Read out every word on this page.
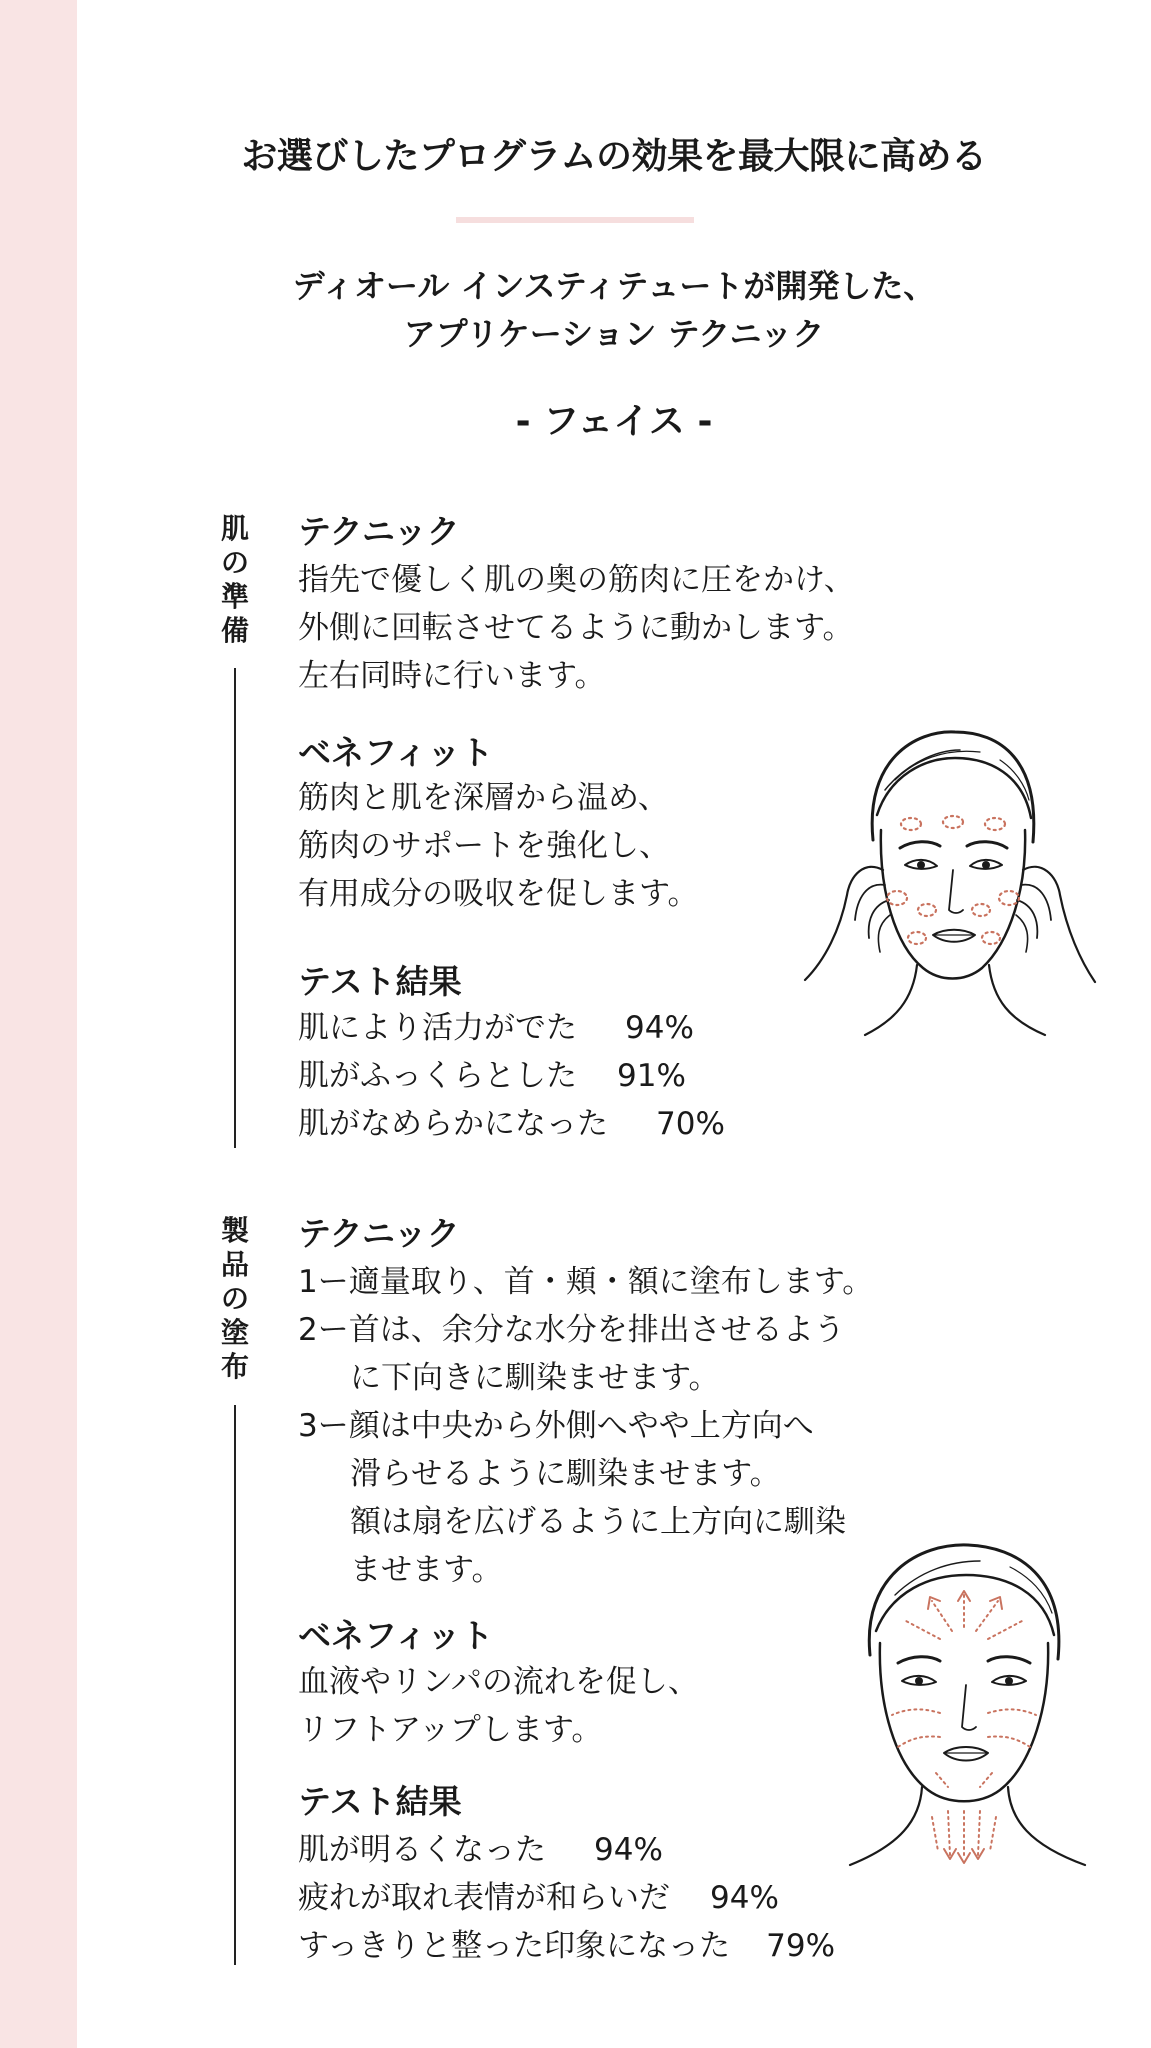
お選びしたプログラムの効果を最大限に高める
ディオール インスティテュートが開発した、
アプリケーション テクニック
- フェイス -
肌の準備
テクニック
指先で優しく肌の奥の筋肉に圧をかけ、
外側に回転させてるように動かします。
左右同時に行います。
ベネフィット
筋肉と肌を深層から温め、
筋肉のサポートを強化し、
有用成分の吸収を促します。
テスト結果
肌により活力がでた 94%
肌がふっくらとした 91%
肌がなめらかになった 70%
製品の塗布
テクニック
1ー適量取り、首・頬・額に塗布します。
2ー首は、余分な水分を排出させるよう
に下向きに馴染ませます。
3ー顔は中央から外側へやや上方向へ
滑らせるように馴染ませます。
額は扇を広げるように上方向に馴染
ませます。
ベネフィット
血液やリンパの流れを促し、
リフトアップします。
テスト結果
肌が明るくなった 94%
疲れが取れ表情が和らいだ 94%
すっきりと整った印象になった 79%
